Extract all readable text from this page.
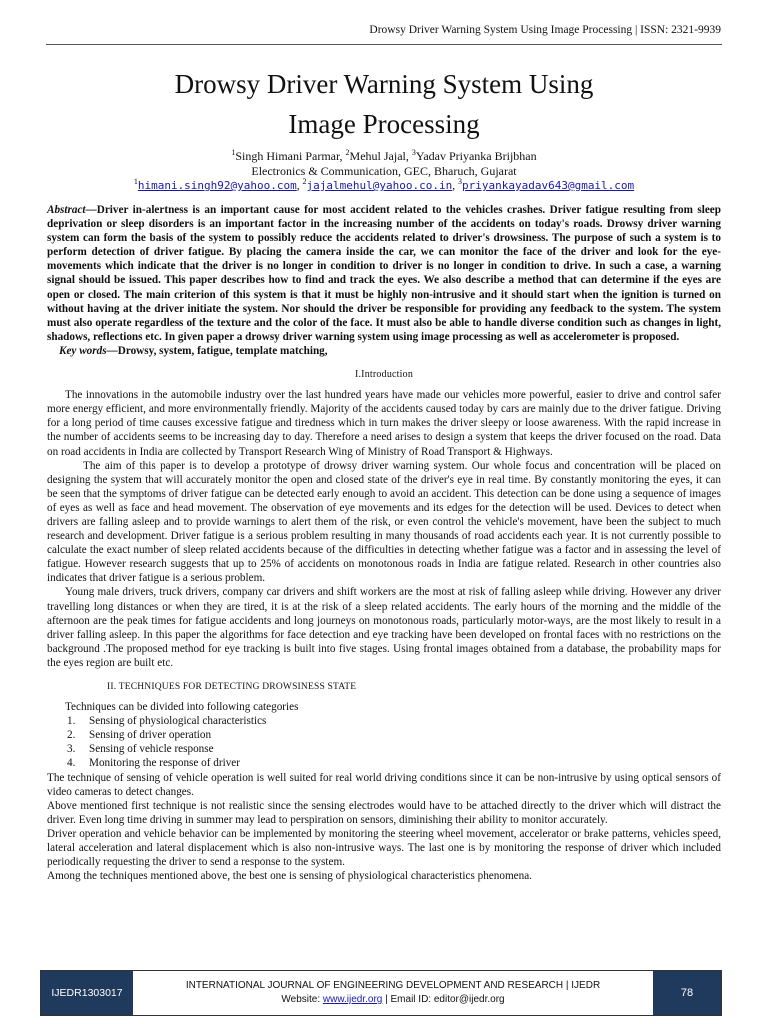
Drowsy Driver Warning System Using Image Processing | ISSN: 2321-9939
Drowsy Driver Warning System Using
Image Processing
$^1$Singh Himani Parmar, $^2$Mehul Jajal, $^3$Yadav Priyanka Brijbhan
Electronics & Communication, GEC, Bharuch, Gujarat
$^1$himani.singh92@yahoo.com, $^2$jajalmehul@yahoo.co.in, $^3$priyankayadav643@gmail.com
Abstract—Driver in-alertness is an important cause for most accident related to the vehicles crashes. Driver fatigue resulting from sleep deprivation or sleep disorders is an important factor in the increasing number of the accidents on today's roads. Drowsy driver warning system can form the basis of the system to possibly reduce the accidents related to driver's drowsiness. The purpose of such a system is to perform detection of driver fatigue. By placing the camera inside the car, we can monitor the face of the driver and look for the eye-movements which indicate that the driver is no longer in condition to driver is no longer in condition to drive. In such a case, a warning signal should be issued. This paper describes how to find and track the eyes. We also describe a method that can determine if the eyes are open or closed. The main criterion of this system is that it must be highly non-intrusive and it should start when the ignition is turned on without having at the driver initiate the system. Nor should the driver be responsible for providing any feedback to the system. The system must also operate regardless of the texture and the color of the face. It must also be able to handle diverse condition such as changes in light, shadows, reflections etc. In given paper a drowsy driver warning system using image processing as well as accelerometer is proposed.
Key words—Drowsy, system, fatigue, template matching,
I.Introduction

The innovations in the automobile industry over the last hundred years have made our vehicles more powerful, easier to drive and control safer more energy efficient, and more environmentally friendly. Majority of the accidents caused today by cars are mainly due to the driver fatigue. Driving for a long period of time causes excessive fatigue and tiredness which in turn makes the driver sleepy or loose awareness. With the rapid increase in the number of accidents seems to be increasing day to day. Therefore a need arises to design a system that keeps the driver focused on the road. Data on road accidents in India are collected by Transport Research Wing of Ministry of Road Transport & Highways.

The aim of this paper is to develop a prototype of drowsy driver warning system. Our whole focus and concentration will be placed on designing the system that will accurately monitor the open and closed state of the driver's eye in real time. By constantly monitoring the eyes, it can be seen that the symptoms of driver fatigue can be detected early enough to avoid an accident. This detection can be done using a sequence of images of eyes as well as face and head movement. The observation of eye movements and its edges for the detection will be used. Devices to detect when drivers are falling asleep and to provide warnings to alert them of the risk, or even control the vehicle's movement, have been the subject to much research and development. Driver fatigue is a serious problem resulting in many thousands of road accidents each year. It is not currently possible to calculate the exact number of sleep related accidents because of the difficulties in detecting whether fatigue was a factor and in assessing the level of fatigue. However research suggests that up to 25% of accidents on monotonous roads in India are fatigue related. Research in other countries also indicates that driver fatigue is a serious problem.

Young male drivers, truck drivers, company car drivers and shift workers are the most at risk of falling asleep while driving. However any driver travelling long distances or when they are tired, it is at the risk of a sleep related accidents. The early hours of the morning and the middle of the afternoon are the peak times for fatigue accidents and long journeys on monotonous roads, particularly motor-ways, are the most likely to result in a driver falling asleep. In this paper the algorithms for face detection and eye tracking have been developed on frontal faces with no restrictions on the background .The proposed method for eye tracking is built into five stages. Using frontal images obtained from a database, the probability maps for the eyes region are built etc.

II. TECHNIQUES FOR DETECTING DROWSINESS STATE

Techniques can be divided into following categories

1. Sensing of physiological characteristics
2. Sensing of driver operation
3. Sensing of vehicle response
4. Monitoring the response of driver

The technique of sensing of vehicle operation is well suited for real world driving conditions since it can be non-intrusive by using optical sensors of video cameras to detect changes.

Above mentioned first technique is not realistic since the sensing electrodes would have to be attached directly to the driver which will distract the driver. Even long time driving in summer may lead to perspiration on sensors, diminishing their ability to monitor accurately.

Driver operation and vehicle behavior can be implemented by monitoring the steering wheel movement, accelerator or brake patterns, vehicles speed, lateral acceleration and lateral displacement which is also non-intrusive ways. The last one is by monitoring the response of driver which included periodically requesting the driver to send a response to the system.

Among the techniques mentioned above, the best one is sensing of physiological characteristics phenomena.

IJEDR1303017
INTERNATIONAL JOURNAL OF ENGINEERING DEVELOPMENT AND RESEARCH | IJEDR
Website: www.ijedr.org | Email ID: editor@ijedr.org
78
